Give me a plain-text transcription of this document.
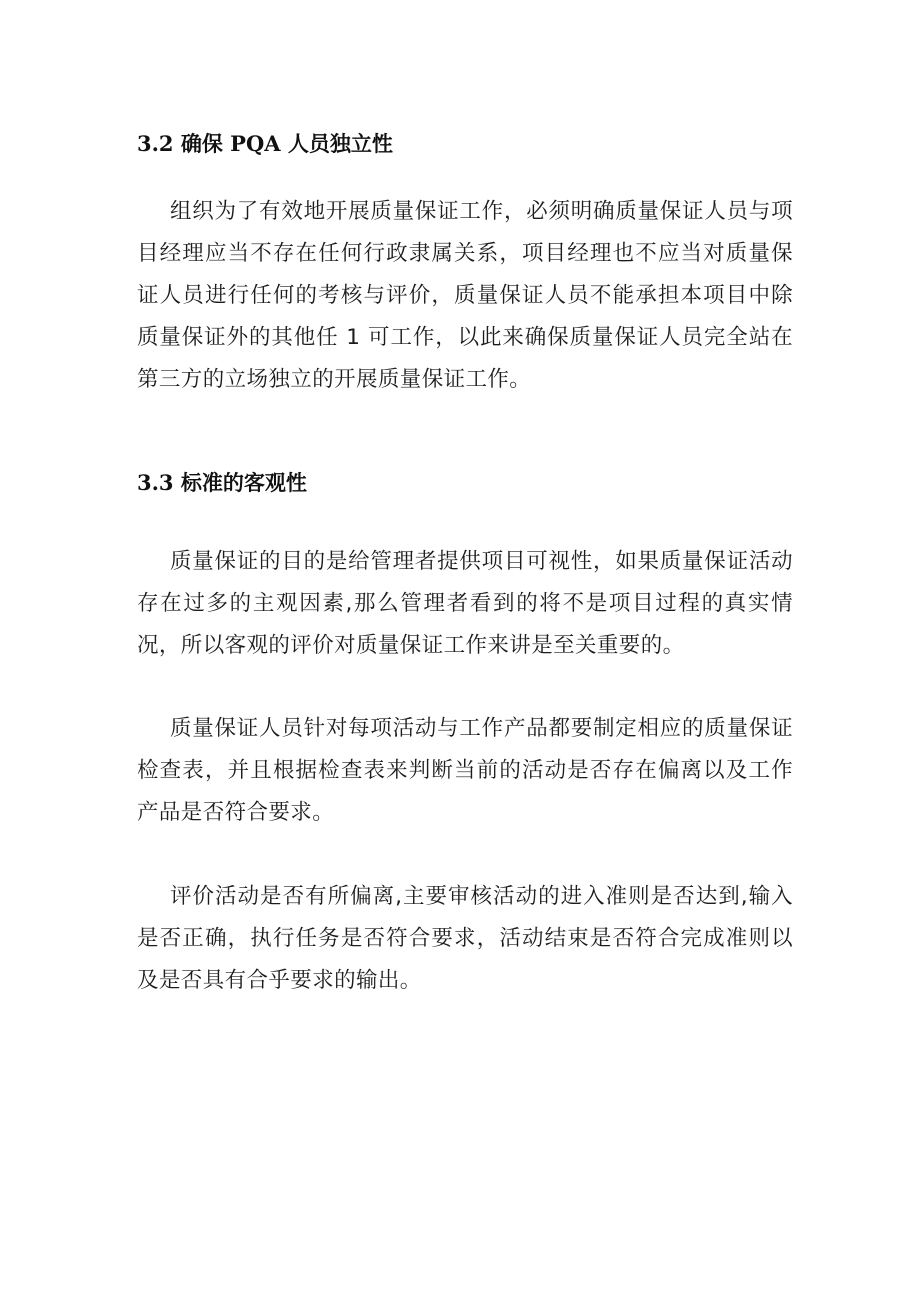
3.2 确保 PQA 人员独立性

组织为了有效地开展质量保证工作，必须明确质量保证人员与项目经理应当不存在任何行政隶属关系，项目经理也不应当对质量保证人员进行任何的考核与评价，质量保证人员不能承担本项目中除质量保证外的其他任 1 可工作，以此来确保质量保证人员完全站在第三方的立场独立的开展质量保证工作。

3.3 标准的客观性

质量保证的目的是给管理者提供项目可视性，如果质量保证活动存在过多的主观因素,那么管理者看到的将不是项目过程的真实情况，所以客观的评价对质量保证工作来讲是至关重要的。

质量保证人员针对每项活动与工作产品都要制定相应的质量保证检查表，并且根据检查表来判断当前的活动是否存在偏离以及工作产品是否符合要求。

评价活动是否有所偏离,主要审核活动的进入准则是否达到,输入是否正确，执行任务是否符合要求，活动结束是否符合完成准则以及是否具有合乎要求的输出。
